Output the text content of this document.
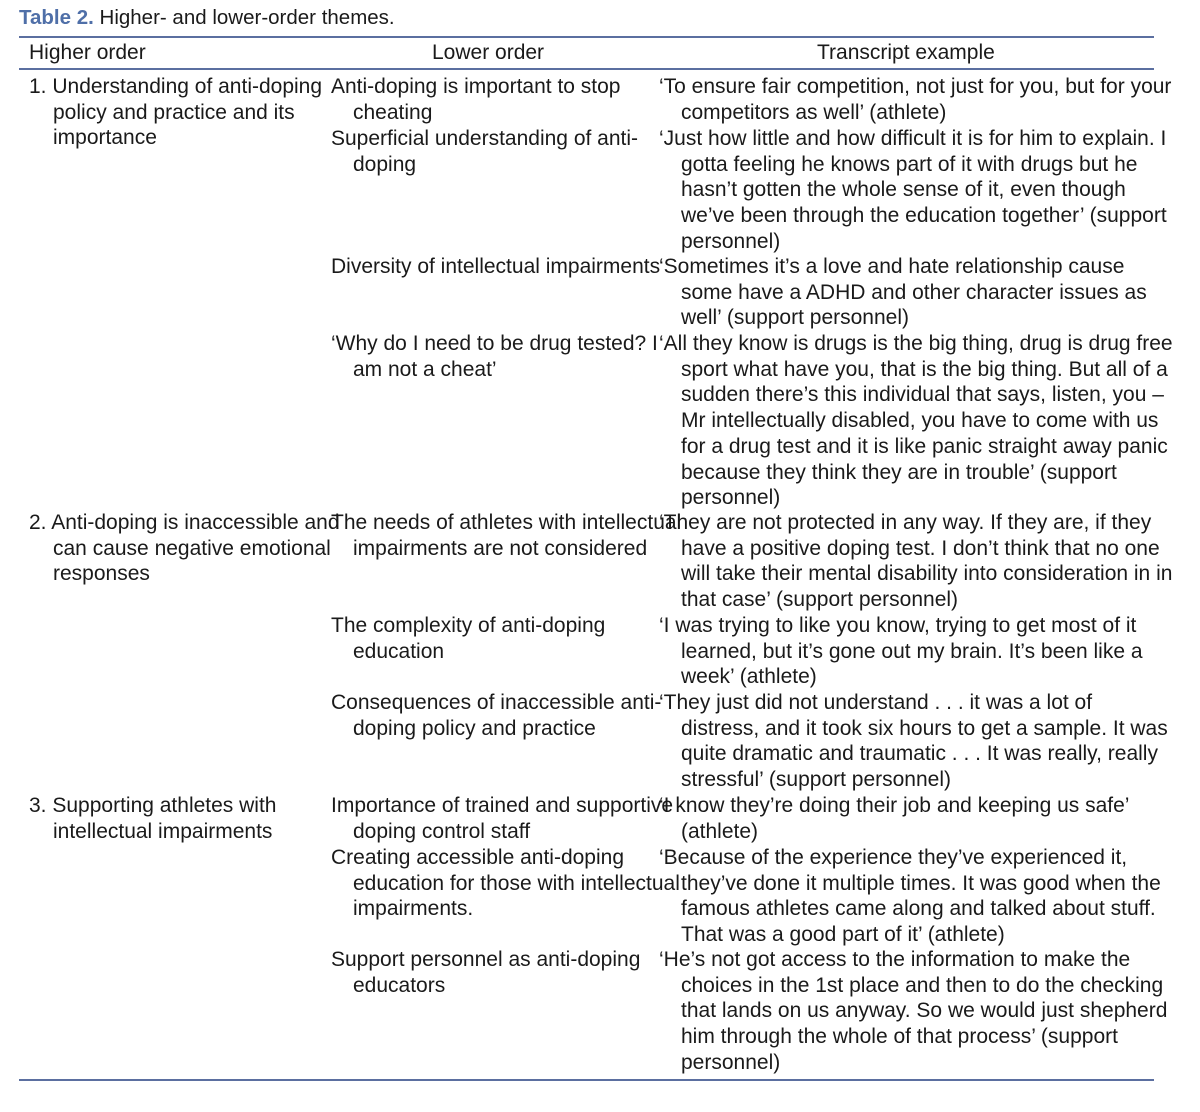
Table 2. Higher- and lower-order themes.
Higher order	Lower order	Transcript example
1. Understanding of anti-doping policy and practice and its importance
2. Anti-doping is inaccessible and can cause negative emotional responses
3. Supporting athletes with intellectual impairments
Anti-doping is important to stop cheating
‘To ensure fair competition, not just for you, but for your competitors as well’ (athlete)
Superficial understanding of anti-doping
‘Just how little and how difficult it is for him to explain. I gotta feeling he knows part of it with drugs but he hasn’t gotten the whole sense of it, even though we’ve been through the education together’ (support personnel)
Diversity of intellectual impairments
‘Sometimes it’s a love and hate relationship cause some have a ADHD and other character issues as well’ (support personnel)
‘Why do I need to be drug tested? I am not a cheat’
‘All they know is drugs is the big thing, drug is drug free sport what have you, that is the big thing. But all of a sudden there’s this individual that says, listen, you – Mr intellectually disabled, you have to come with us for a drug test and it is like panic straight away panic because they think they are in trouble’ (support personnel)
The needs of athletes with intellectual impairments are not considered
‘They are not protected in any way. If they are, if they have a positive doping test. I don’t think that no one will take their mental disability into consideration in in that case’ (support personnel)
The complexity of anti-doping education
‘I was trying to like you know, trying to get most of it learned, but it’s gone out my brain. It’s been like a week’ (athlete)
Consequences of inaccessible anti-doping policy and practice
‘They just did not understand . . . it was a lot of distress, and it took six hours to get a sample. It was quite dramatic and traumatic . . . It was really, really stressful’ (support personnel)
Importance of trained and supportive doping control staff
‘I know they’re doing their job and keeping us safe’ (athlete)
Creating accessible anti-doping education for those with intellectual impairments.
‘Because of the experience they’ve experienced it, they’ve done it multiple times. It was good when the famous athletes came along and talked about stuff. That was a good part of it’ (athlete)
Support personnel as anti-doping educators
‘He’s not got access to the information to make the choices in the 1st place and then to do the checking that lands on us anyway. So we would just shepherd him through the whole of that process’ (support personnel)
